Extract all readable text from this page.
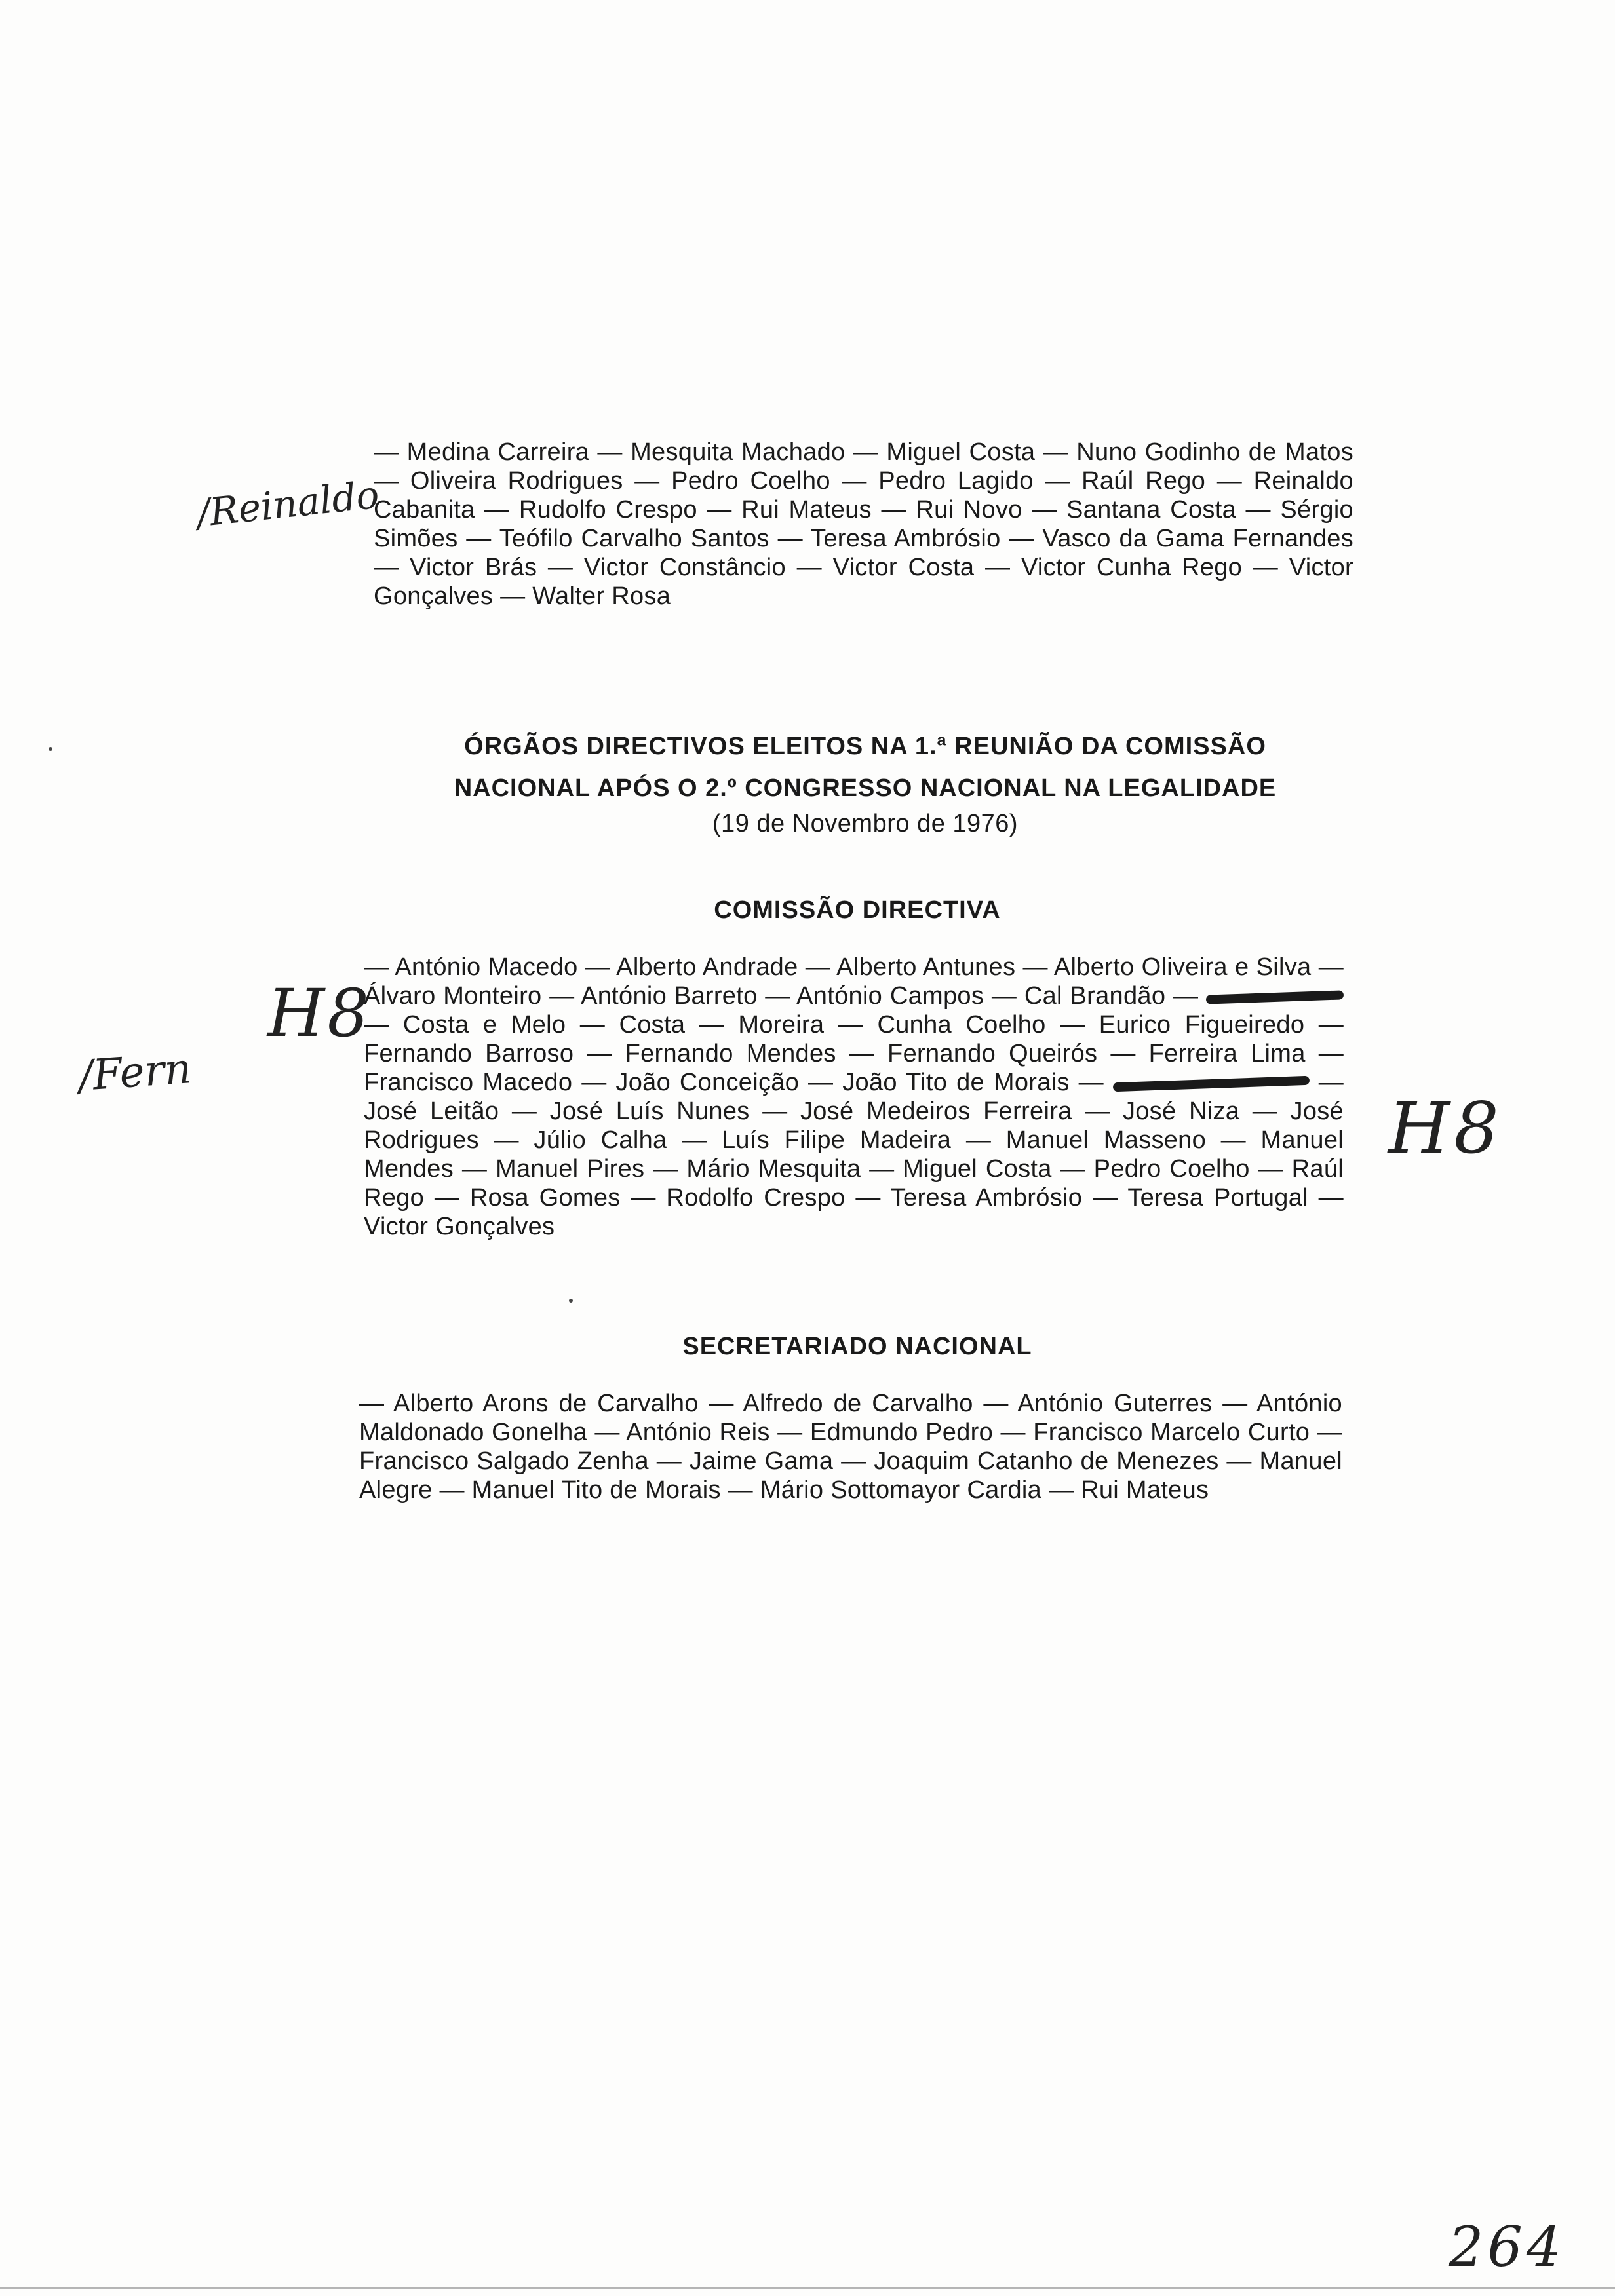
/Reinaldo
— Medina Carreira — Mesquita Machado — Miguel Costa — Nuno Godinho de Matos — Oliveira Rodrigues — Pedro Coelho — Pedro Lagido — Raúl Rego — Reinaldo Cabanita — Rudolfo Crespo — Rui Mateus — Rui Novo — Santana Costa — Sérgio Simões — Teófilo Carvalho Santos — Teresa Ambrósio — Vasco da Gama Fernandes — Victor Brás — Victor Constâncio — Victor Costa — Victor Cunha Rego — Victor Gonçalves — Walter Rosa
ÓRGÃOS DIRECTIVOS ELEITOS NA 1.ª REUNIÃO DA COMISSÃO
NACIONAL APÓS O 2.º CONGRESSO NACIONAL NA LEGALIDADE
(19 de Novembro de 1976)
COMISSÃO DIRECTIVA
H8
/Fern
— António Macedo — Alberto Andrade — Alberto Antunes — Alberto Oliveira e Silva — Álvaro Monteiro — António Barreto — António Campos — Cal Brandão —  — Costa e Melo — Costa — Moreira — Cunha Coelho — Eurico Figueiredo — Fernando Barroso — Fernando Mendes — Fernando Queirós — Ferreira Lima — Francisco Macedo — João Conceição — João Tito de Morais —	— José Leitão — José Luís Nunes — José Medeiros Ferreira — José Niza — José Rodrigues — Júlio Calha — Luís Filipe Madeira — Manuel Masseno — Manuel Mendes — Manuel Pires — Mário Mesquita — Miguel Costa — Pedro Coelho — Raúl Rego — Rosa Gomes — Rodolfo Crespo — Teresa Ambrósio — Teresa Portugal — Victor Gonçalves
H8
SECRETARIADO NACIONAL
— Alberto Arons de Carvalho — Alfredo de Carvalho — António Guterres — António Maldonado Gonelha — António Reis — Edmundo Pedro — Francisco Marcelo Curto — Francisco Salgado Zenha — Jaime Gama — Joaquim Catanho de Menezes — Manuel Alegre — Manuel Tito de Morais — Mário Sottomayor Cardia — Rui Mateus
264
